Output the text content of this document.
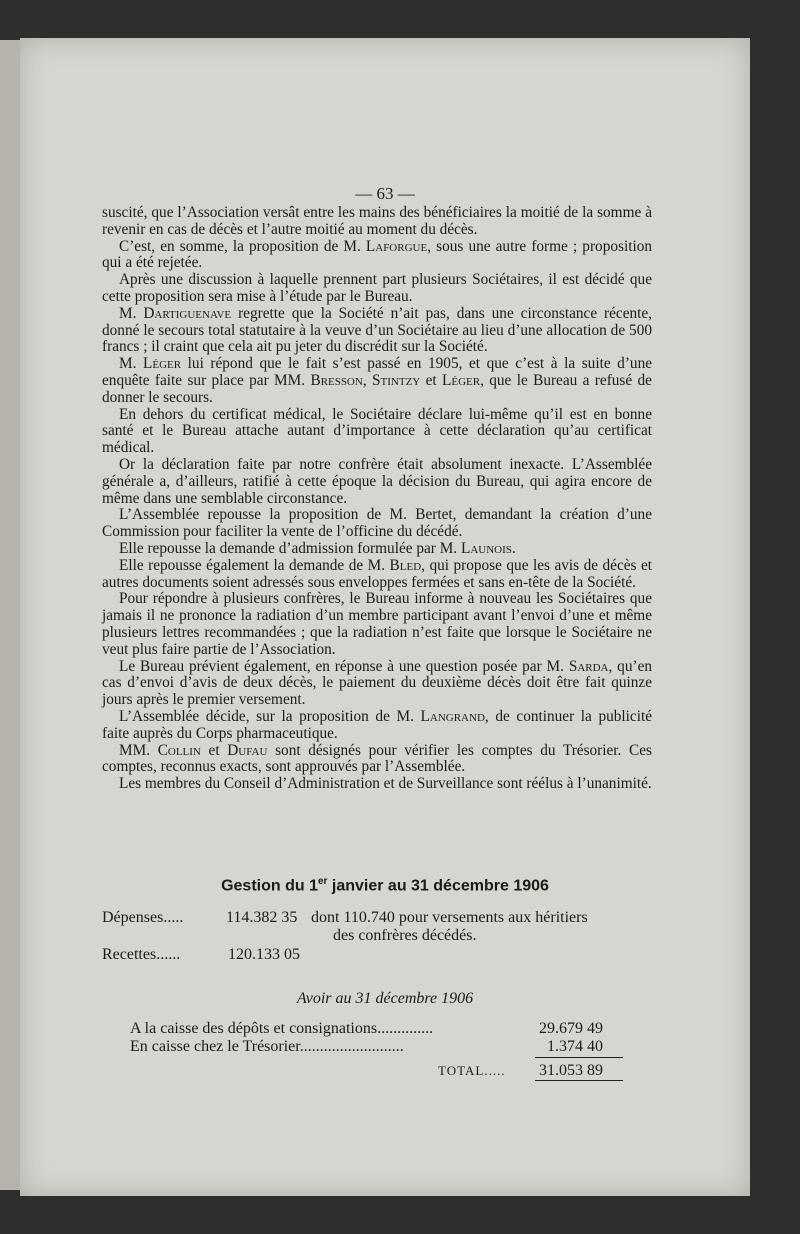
— 63 —

suscité, que l’Association versât entre les mains des bénéficiaires la moitié de la somme à revenir en cas de décès et l’autre moitié au moment du décès.

C’est, en somme, la proposition de M. Laforgue, sous une autre forme ; proposition qui a été rejetée.

Après une discussion à laquelle prennent part plusieurs Sociétaires, il est décidé que cette proposition sera mise à l’étude par le Bureau.

M. Dartiguenave regrette que la Société n’ait pas, dans une circonstance récente, donné le secours total statutaire à la veuve d’un Sociétaire au lieu d’une allocation de 500 francs ; il craint que cela ait pu jeter du discrédit sur la Société.

M. Léger lui répond que le fait s’est passé en 1905, et que c’est à la suite d’une enquête faite sur place par MM. Bresson, Stintzy et Léger, que le Bureau a refusé de donner le secours.

En dehors du certificat médical, le Sociétaire déclare lui-même qu’il est en bonne santé et le Bureau attache autant d’importance à cette déclaration qu’au certificat médical.

Or la déclaration faite par notre confrère était absolument inexacte. L’Assemblée générale a, d’ailleurs, ratifié à cette époque la décision du Bureau, qui agira encore de même dans une semblable circonstance.

L’Assemblée repousse la proposition de M. Bertet, demandant la création d’une Commission pour faciliter la vente de l’officine du décédé.

Elle repousse la demande d’admission formulée par M. Launois.

Elle repousse également la demande de M. Bled, qui propose que les avis de décès et autres documents soient adressés sous enveloppes fermées et sans en-tête de la Société.

Pour répondre à plusieurs confrères, le Bureau informe à nouveau les Sociétaires que jamais il ne prononce la radiation d’un membre participant avant l’envoi d’une et même plusieurs lettres recommandées ; que la radiation n’est faite que lorsque le Sociétaire ne veut plus faire partie de l’Association.

Le Bureau prévient également, en réponse à une question posée par M. Sarda, qu’en cas d’envoi d’avis de deux décès, le paiement du deuxième décès doit être fait quinze jours après le premier versement.

L’Assemblée décide, sur la proposition de M. Langrand, de continuer la publicité faite auprès du Corps pharmaceutique.

MM. Collin et Dufau sont désignés pour vérifier les comptes du Trésorier. Ces comptes, reconnus exacts, sont approuvés par l’Assemblée.

Les membres du Conseil d’Administration et de Surveillance sont réélus à l’unanimité.

Gestion du 1er janvier au 31 décembre 1906
Dépenses.....	114.382 35 dont 110.740 pour versements aux héritiers
des confrères décédés.
Recettes......	120.133 05
Avoir au 31 décembre 1906
A la caisse des dépôts et consignations..............	29.679 49
En caisse chez le Trésorier..........................	1.374 40
TOTAL..... 31.053 89
